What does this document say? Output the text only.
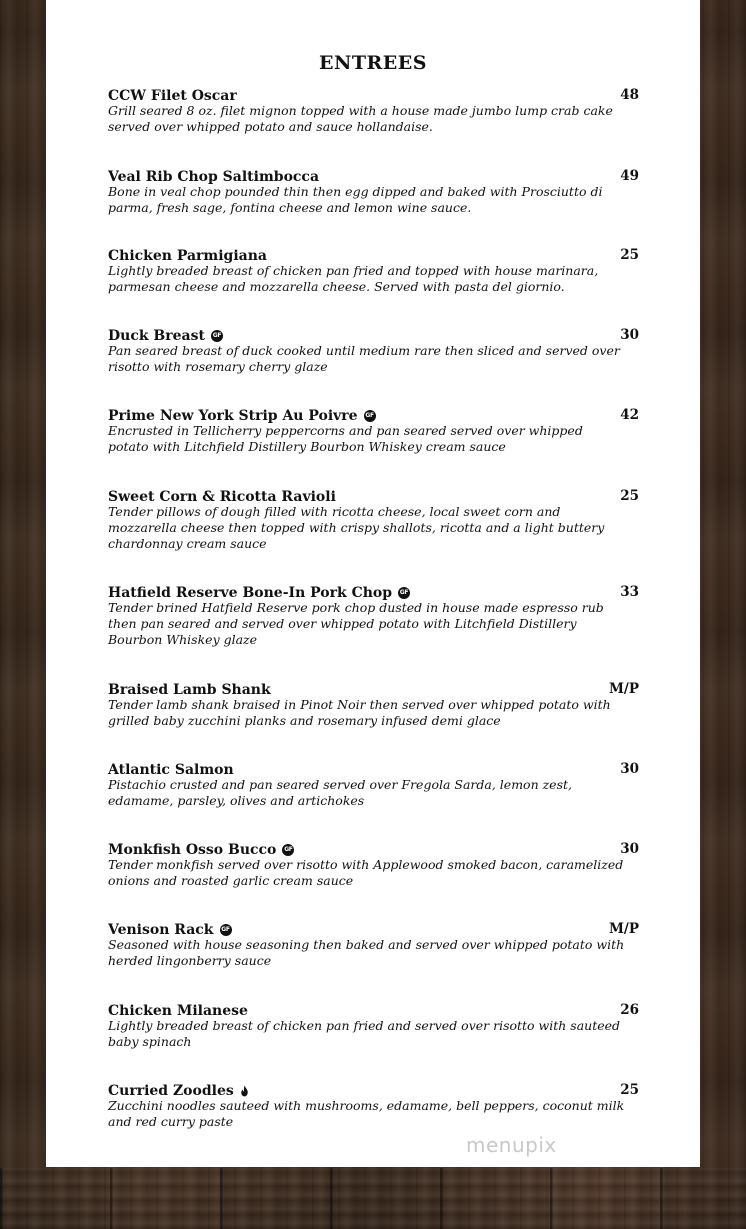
ENTREES
CCW Filet Oscar	48
Grill seared 8 oz. filet mignon topped with a house made jumbo lump crab cake
served over whipped potato and sauce hollandaise.
Veal Rib Chop Saltimbocca	49
Bone in veal chop pounded thin then egg dipped and baked with Prosciutto di
parma, fresh sage, fontina cheese and lemon wine sauce.
Chicken Parmigiana	25
Lightly breaded breast of chicken pan fried and topped with house marinara,
parmesan cheese and mozzarella cheese. Served with pasta del giornio.
Duck Breast GF	30
Pan seared breast of duck cooked until medium rare then sliced and served over
risotto with rosemary cherry glaze
Prime New York Strip Au Poivre GF	42
Encrusted in Tellicherry peppercorns and pan seared served over whipped
potato with Litchfield Distillery Bourbon Whiskey cream sauce
Sweet Corn & Ricotta Ravioli	25
Tender pillows of dough filled with ricotta cheese, local sweet corn and
mozzarella cheese then topped with crispy shallots, ricotta and a light buttery
chardonnay cream sauce
Hatfield Reserve Bone-In Pork Chop GF	33
Tender brined Hatfield Reserve pork chop dusted in house made espresso rub
then pan seared and served over whipped potato with Litchfield Distillery
Bourbon Whiskey glaze
Braised Lamb Shank	M/P
Tender lamb shank braised in Pinot Noir then served over whipped potato with
grilled baby zucchini planks and rosemary infused demi glace
Atlantic Salmon	30
Pistachio crusted and pan seared served over Fregola Sarda, lemon zest,
edamame, parsley, olives and artichokes
Monkfish Osso Bucco GF	30
Tender monkfish served over risotto with Applewood smoked bacon, caramelized
onions and roasted garlic cream sauce
Venison Rack GF	M/P
Seasoned with house seasoning then baked and served over whipped potato with
herded lingonberry sauce
Chicken Milanese	26
Lightly breaded breast of chicken pan fried and served over risotto with sauteed
baby spinach
Curried Zoodles	25
Zucchini noodles sauteed with mushrooms, edamame, bell peppers, coconut milk
and red curry paste
menupix
